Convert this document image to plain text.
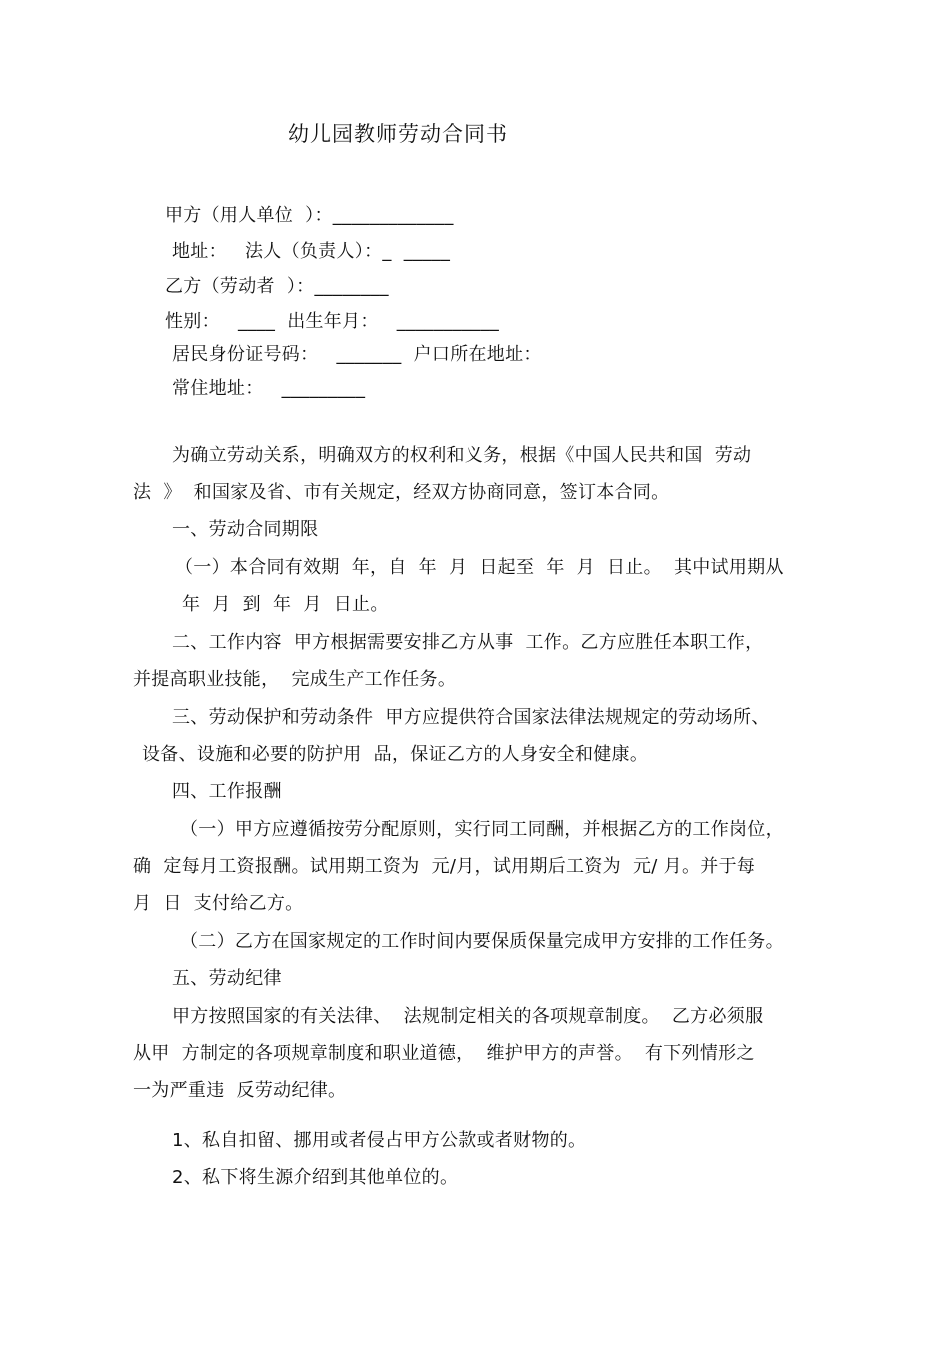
幼儿园教师劳动合同书
甲方（用人单位  ）：_____________
地址：   法人（负责人）：_  _____
乙方（劳动者  ）：________
性别：   ____  出生年月：   ___________
居民身份证号码：   _______  户口所在地址：
常住地址：   _________
为确立劳动关系，明确双方的权利和义务，根据《中国人民共和国  劳动
法  》  和国家及省、市有关规定，经双方协商同意，签订本合同。
一、劳动合同期限
（一）本合同有效期  年，自  年  月  日起至  年  月  日止。  其中试用期从
年  月  到  年  月  日止。
二、工作内容  甲方根据需要安排乙方从事  工作。乙方应胜任本职工作，
并提高职业技能，  完成生产工作任务。
三、劳动保护和劳动条件  甲方应提供符合国家法律法规规定的劳动场所、
设备、设施和必要的防护用  品，保证乙方的人身安全和健康。
四、工作报酬
（一）甲方应遵循按劳分配原则，实行同工同酬，并根据乙方的工作岗位，
确  定每月工资报酬。试用期工资为  元/月，试用期后工资为  元/ 月。并于每
月  日  支付给乙方。
（二）乙方在国家规定的工作时间内要保质保量完成甲方安排的工作任务。
五、劳动纪律
甲方按照国家的有关法律、  法规制定相关的各项规章制度。  乙方必须服
从甲  方制定的各项规章制度和职业道德，  维护甲方的声誉。  有下列情形之
一为严重违  反劳动纪律。
1、私自扣留、挪用或者侵占甲方公款或者财物的。
2、私下将生源介绍到其他单位的。
